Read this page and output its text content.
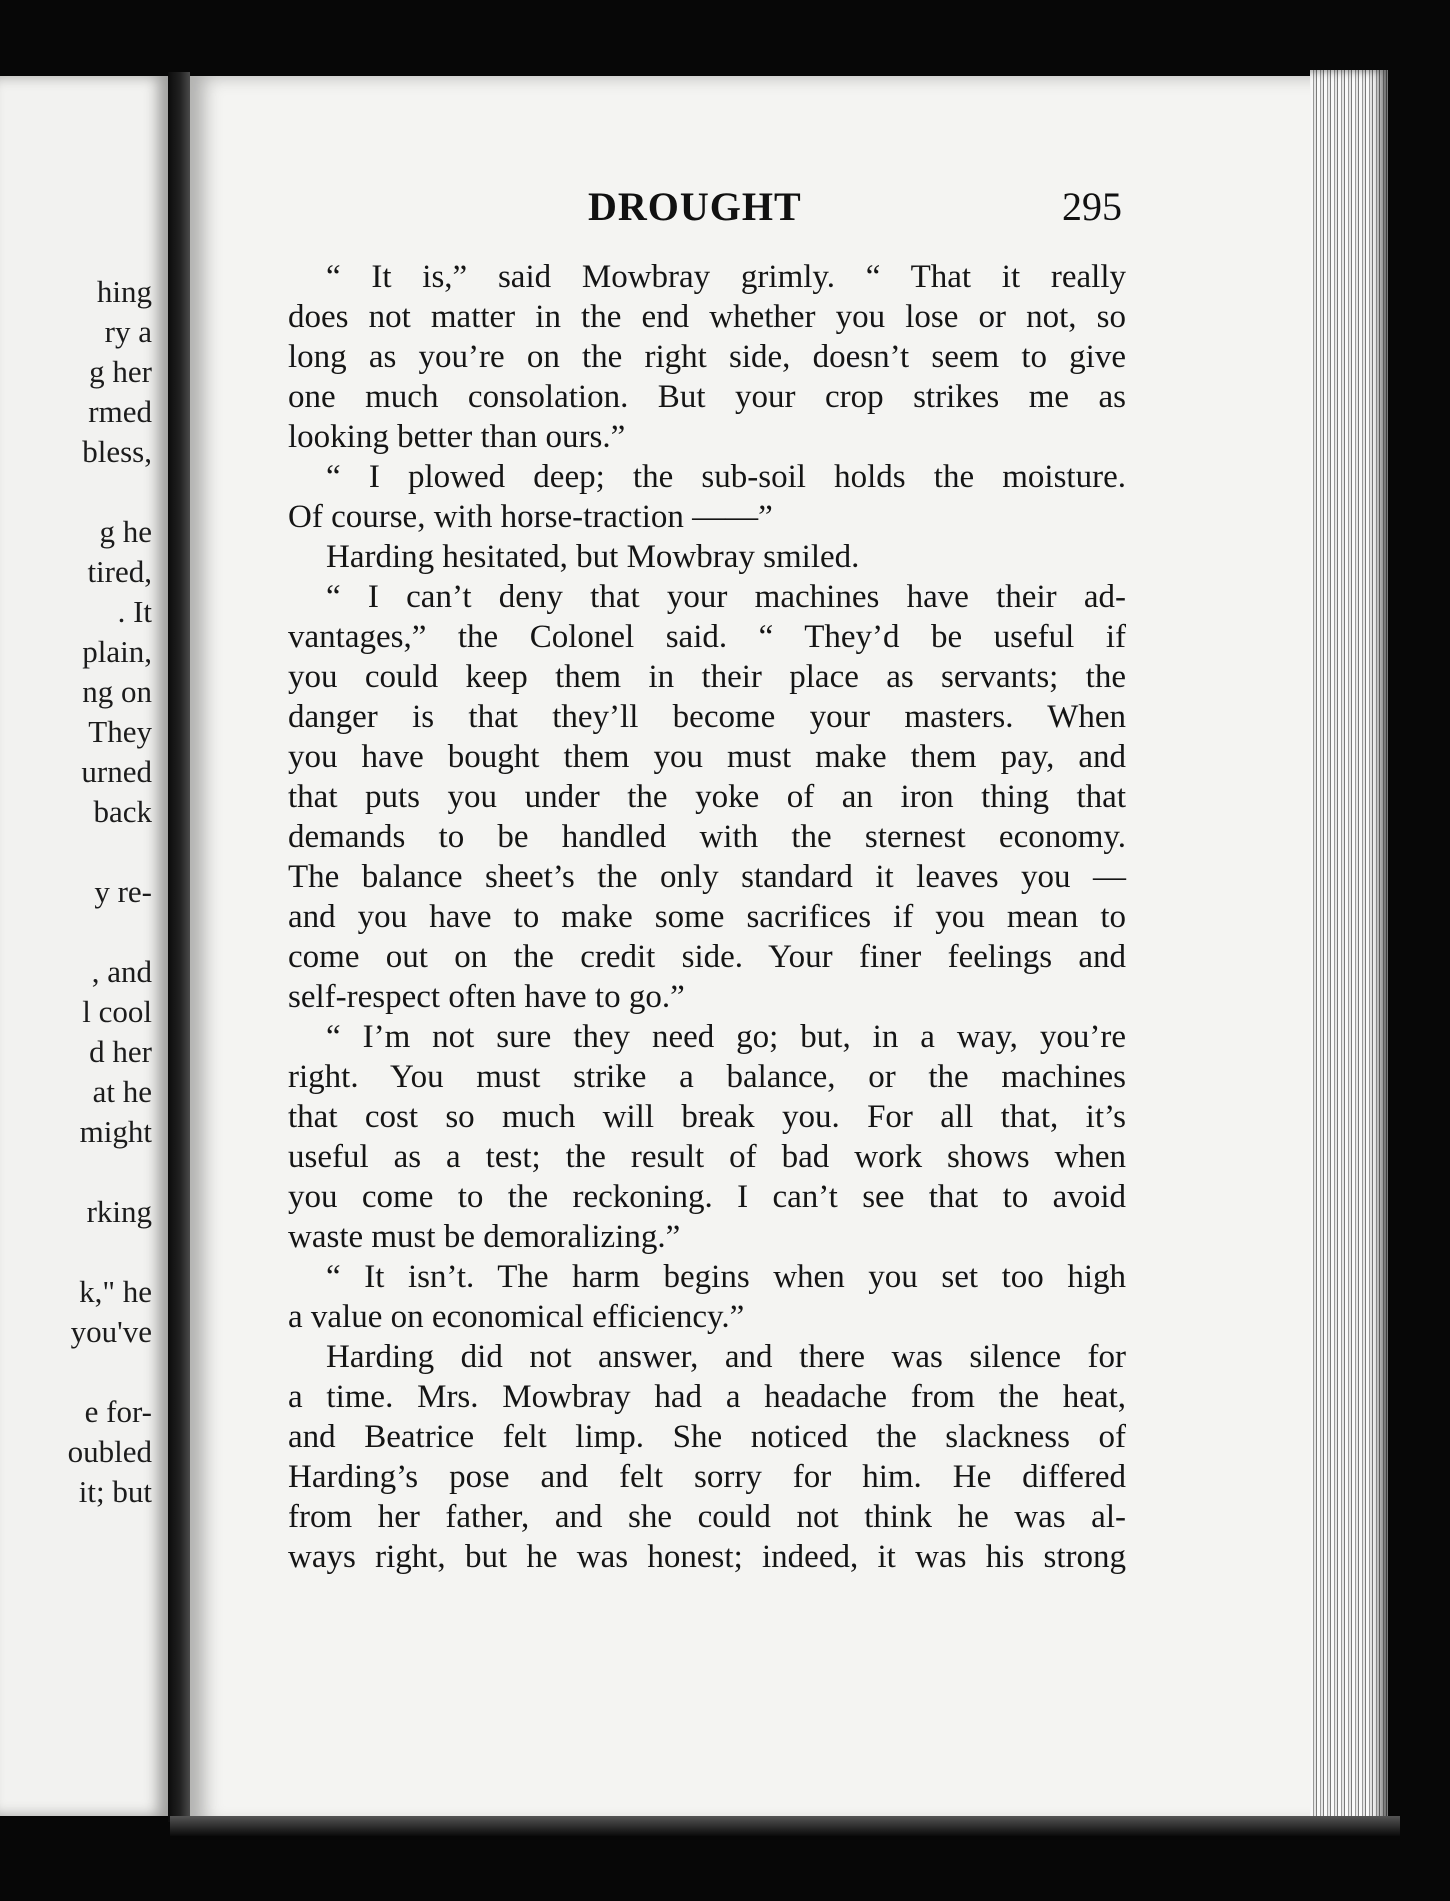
hing
ry a
g her
rmed
bless,
g he
tired,
. It
plain,
ng on
They
urned
back
y re-
, and
l cool
d her
at he
might
rking
k," he
you've
e for-
oubled
it; but
DROUGHT	295
“ It is,” said Mowbray grimly. “ That it really
does not matter in the end whether you lose or not, so
long as you’re on the right side, doesn’t seem to give
one much consolation. But your crop strikes me as
looking better than ours.”
“ I plowed deep; the sub-soil holds the moisture.
Of course, with horse-traction ——”
Harding hesitated, but Mowbray smiled.
“ I can’t deny that your machines have their ad-
vantages,” the Colonel said. “ They’d be useful if
you could keep them in their place as servants; the
danger is that they’ll become your masters. When
you have bought them you must make them pay, and
that puts you under the yoke of an iron thing that
demands to be handled with the sternest economy.
The balance sheet’s the only standard it leaves you —
and you have to make some sacrifices if you mean to
come out on the credit side. Your finer feelings and
self-respect often have to go.”
“ I’m not sure they need go; but, in a way, you’re
right. You must strike a balance, or the machines
that cost so much will break you. For all that, it’s
useful as a test; the result of bad work shows when
you come to the reckoning. I can’t see that to avoid
waste must be demoralizing.”
“ It isn’t. The harm begins when you set too high
a value on economical efficiency.”
Harding did not answer, and there was silence for
a time. Mrs. Mowbray had a headache from the heat,
and Beatrice felt limp. She noticed the slackness of
Harding’s pose and felt sorry for him. He differed
from her father, and she could not think he was al-
ways right, but he was honest; indeed, it was his strong
